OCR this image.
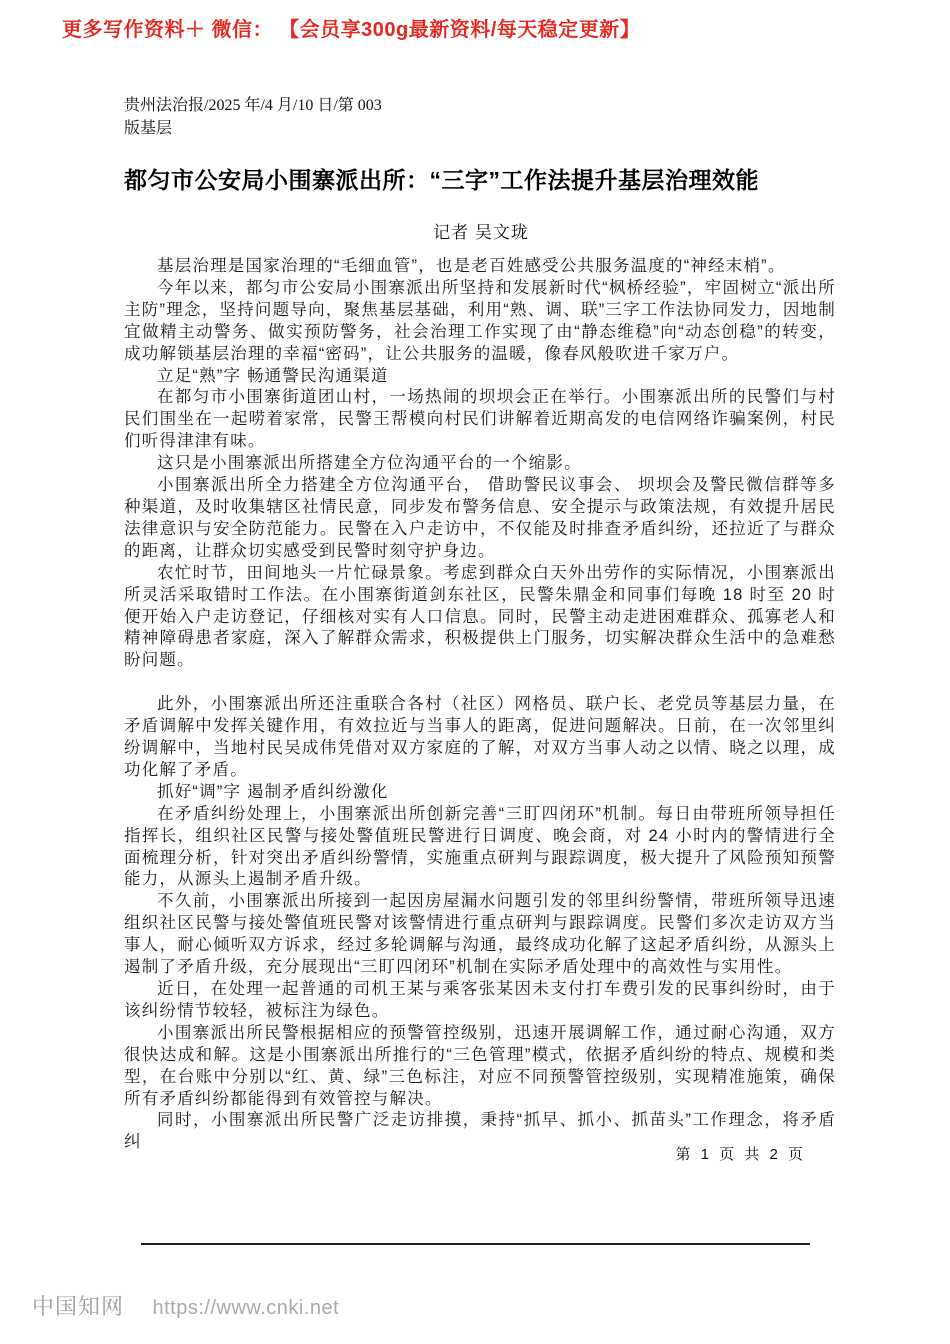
更多写作资料＋ 微信： 【会员享300g最新资料/每天稳定更新】
贵州法治报/2025 年/4 月/10 日/第 003
版基层
都匀市公安局小围寨派出所：“三字”工作法提升基层治理效能
记者 吴文珑

基层治理是国家治理的“毛细血管”，也是老百姓感受公共服务温度的“神经末梢”。

今年以来，都匀市公安局小围寨派出所坚持和发展新时代“枫桥经验”，牢固树立“派出所主防”理念，坚持问题导向，聚焦基层基础，利用“熟、调、联”三字工作法协同发力，因地制宜做精主动警务、做实预防警务，社会治理工作实现了由“静态维稳”向“动态创稳”的转变，成功解锁基层治理的幸福“密码”，让公共服务的温暖，像春风般吹进千家万户。

立足“熟”字 畅通警民沟通渠道

在都匀市小围寨街道团山村，一场热闹的坝坝会正在举行。小围寨派出所的民警们与村民们围坐在一起唠着家常，民警王帮模向村民们讲解着近期高发的电信网络诈骗案例，村民们听得津津有味。

这只是小围寨派出所搭建全方位沟通平台的一个缩影。

小围寨派出所全力搭建全方位沟通平台， 借助警民议事会、 坝坝会及警民微信群等多种渠道，及时收集辖区社情民意，同步发布警务信息、安全提示与政策法规，有效提升居民法律意识与安全防范能力。民警在入户走访中，不仅能及时排查矛盾纠纷，还拉近了与群众的距离，让群众切实感受到民警时刻守护身边。

农忙时节，田间地头一片忙碌景象。考虑到群众白天外出劳作的实际情况，小围寨派出所灵活采取错时工作法。在小围寨街道剑东社区，民警朱鼎金和同事们每晚 18 时至 20 时便开始入户走访登记，仔细核对实有人口信息。同时，民警主动走进困难群众、孤寡老人和精神障碍患者家庭，深入了解群众需求，积极提供上门服务，切实解决群众生活中的急难愁盼问题。

此外，小围寨派出所还注重联合各村（社区）网格员、联户长、老党员等基层力量，在矛盾调解中发挥关键作用，有效拉近与当事人的距离，促进问题解决。日前，在一次邻里纠纷调解中，当地村民吴成伟凭借对双方家庭的了解，对双方当事人动之以情、晓之以理，成功化解了矛盾。

抓好“调”字 遏制矛盾纠纷激化

在矛盾纠纷处理上，小围寨派出所创新完善“三盯四闭环”机制。每日由带班所领导担任指挥长，组织社区民警与接处警值班民警进行日调度、晚会商，对 24 小时内的警情进行全面梳理分析，针对突出矛盾纠纷警情，实施重点研判与跟踪调度，极大提升了风险预知预警能力，从源头上遏制矛盾升级。

不久前，小围寨派出所接到一起因房屋漏水问题引发的邻里纠纷警情，带班所领导迅速组织社区民警与接处警值班民警对该警情进行重点研判与跟踪调度。民警们多次走访双方当事人，耐心倾听双方诉求，经过多轮调解与沟通，最终成功化解了这起矛盾纠纷，从源头上遏制了矛盾升级，充分展现出“三盯四闭环”机制在实际矛盾处理中的高效性与实用性。

近日，在处理一起普通的司机王某与乘客张某因未支付打车费引发的民事纠纷时，由于该纠纷情节较轻，被标注为绿色。

小围寨派出所民警根据相应的预警管控级别，迅速开展调解工作，通过耐心沟通，双方很快达成和解。这是小围寨派出所推行的“三色管理”模式，依据矛盾纠纷的特点、规模和类型，在台账中分别以“红、黄、绿”三色标注，对应不同预警管控级别，实现精准施策，确保所有矛盾纠纷都能得到有效管控与解决。

同时，小围寨派出所民警广泛走访排摸，秉持“抓早、抓小、抓苗头”工作理念，将矛盾纠

第 1 页 共 2 页
中国知网 https://www.cnki.net
